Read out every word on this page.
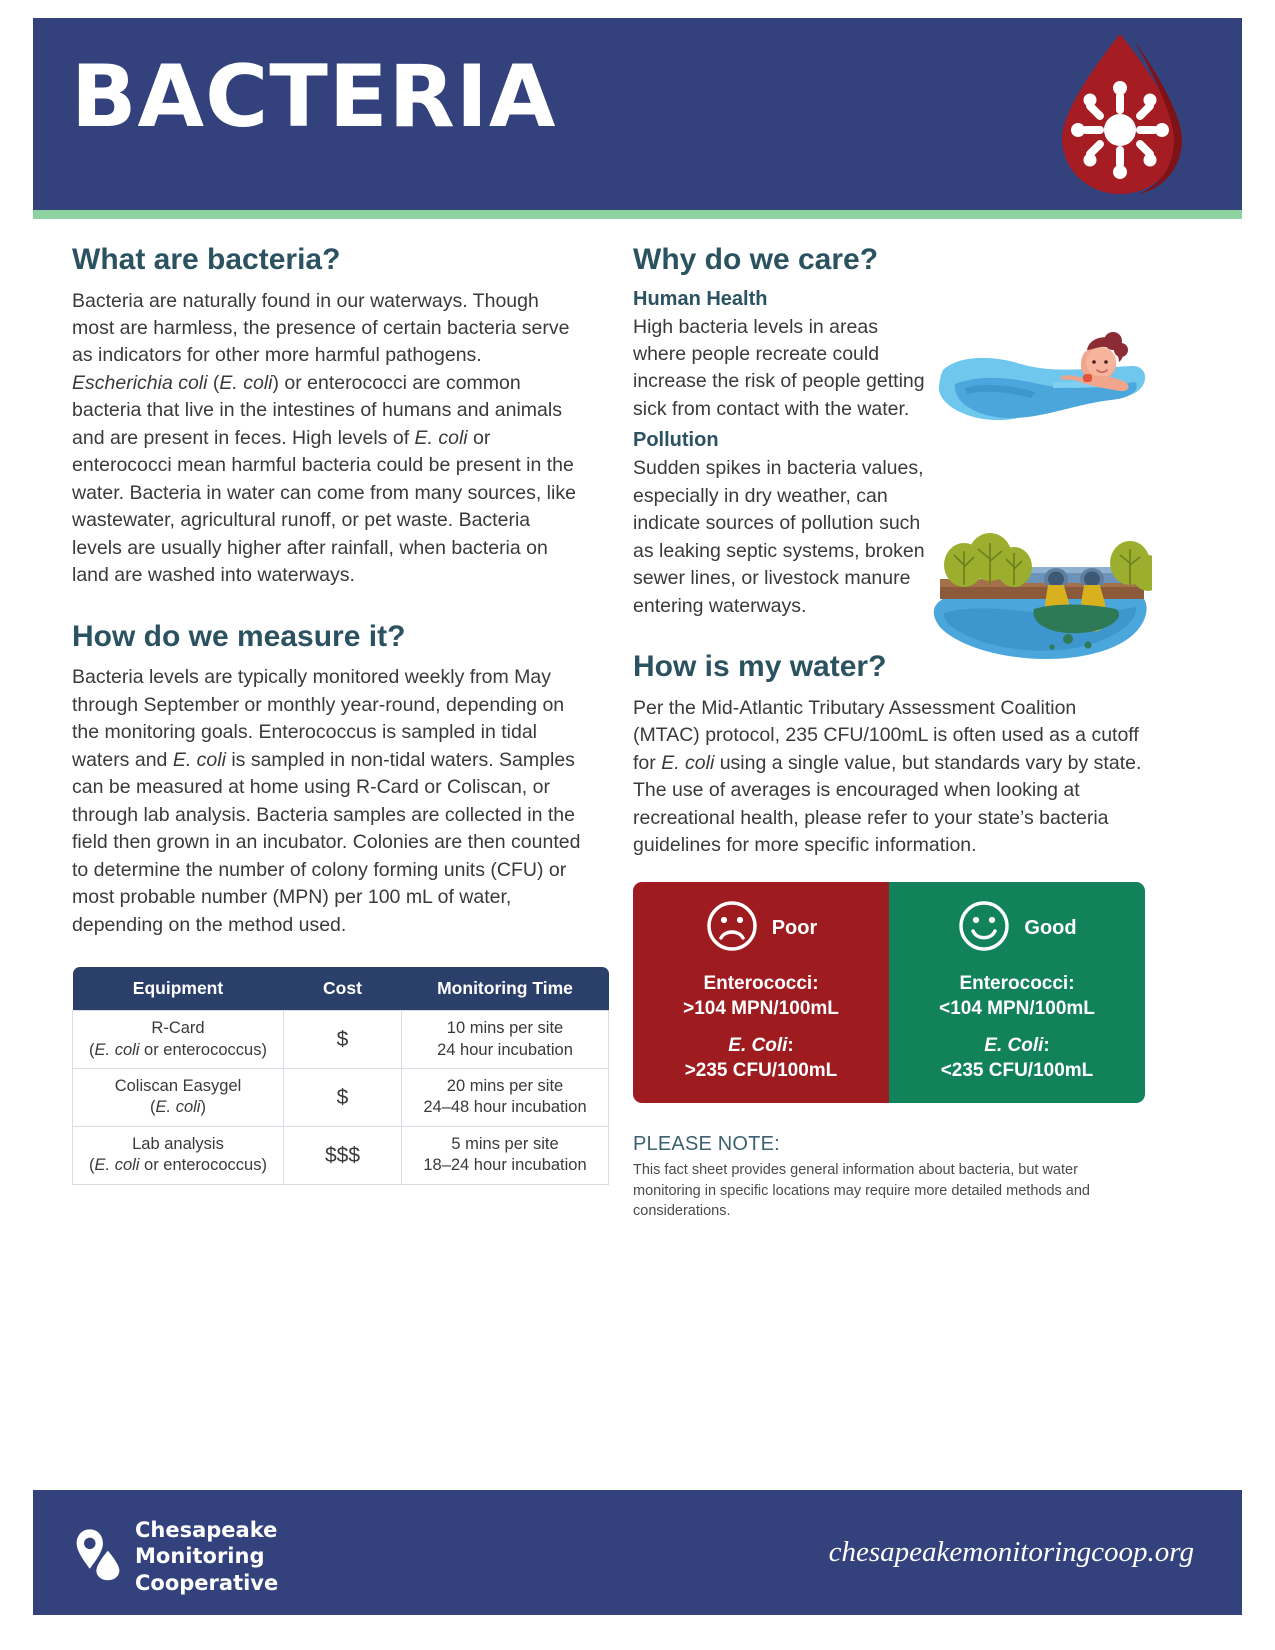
BACTERIA
What are bacteria?

Bacteria are naturally found in our waterways. Though most are harmless, the presence of certain bacteria serve as indicators for other more harmful pathogens. Escherichia coli (E. coli) or enterococci are common bacteria that live in the intestines of humans and animals and are present in feces. High levels of E. coli or enterococci mean harmful bacteria could be present in the water. Bacteria in water can come from many sources, like wastewater, agricultural runoff, or pet waste. Bacteria levels are usually higher after rainfall, when bacteria on land are washed into waterways.

How do we measure it?

Bacteria levels are typically monitored weekly from May through September or monthly year-round, depending on the monitoring goals. Enterococcus is sampled in tidal waters and E. coli is sampled in non-tidal waters. Samples can be measured at home using R-Card or Coliscan, or through lab analysis. Bacteria samples are collected in the field then grown in an incubator. Colonies are then counted to determine the number of colony forming units (CFU) or most probable number (MPN) per 100 mL of water, depending on the method used.

Equipment	Cost	Monitoring Time
R-Card
(E. coli or enterococcus)	$	10 mins per site
24 hour incubation
Coliscan Easygel
(E. coli)	$	20 mins per site
24–48 hour incubation
Lab analysis
(E. coli or enterococcus)	$$$	5 mins per site
18–24 hour incubation
Why do we care?
Human Health

High bacteria levels in areas where people recreate could increase the risk of people getting sick from contact with the water.

Pollution

Sudden spikes in bacteria values, especially in dry weather, can indicate sources of pollution such as leaking septic systems, broken sewer lines, or livestock manure entering waterways.

How is my water?

Per the Mid-Atlantic Tributary Assessment Coalition (MTAC) protocol, 235 CFU/100mL is often used as a cutoff for E. coli using a single value, but standards vary by state. The use of averages is encouraged when looking at recreational health, please refer to your state’s bacteria guidelines for more specific information.

Poor
Enterococci:
>104 MPN/100mL
E. Coli:
>235 CFU/100mL
Good
Enterococci:
<104 MPN/100mL
E. Coli:
<235 CFU/100mL
PLEASE NOTE:
This fact sheet provides general information about bacteria, but water monitoring in specific locations may require more detailed methods and considerations.
Chesapeake
Monitoring
Cooperative
chesapeakemonitoringcoop.org
